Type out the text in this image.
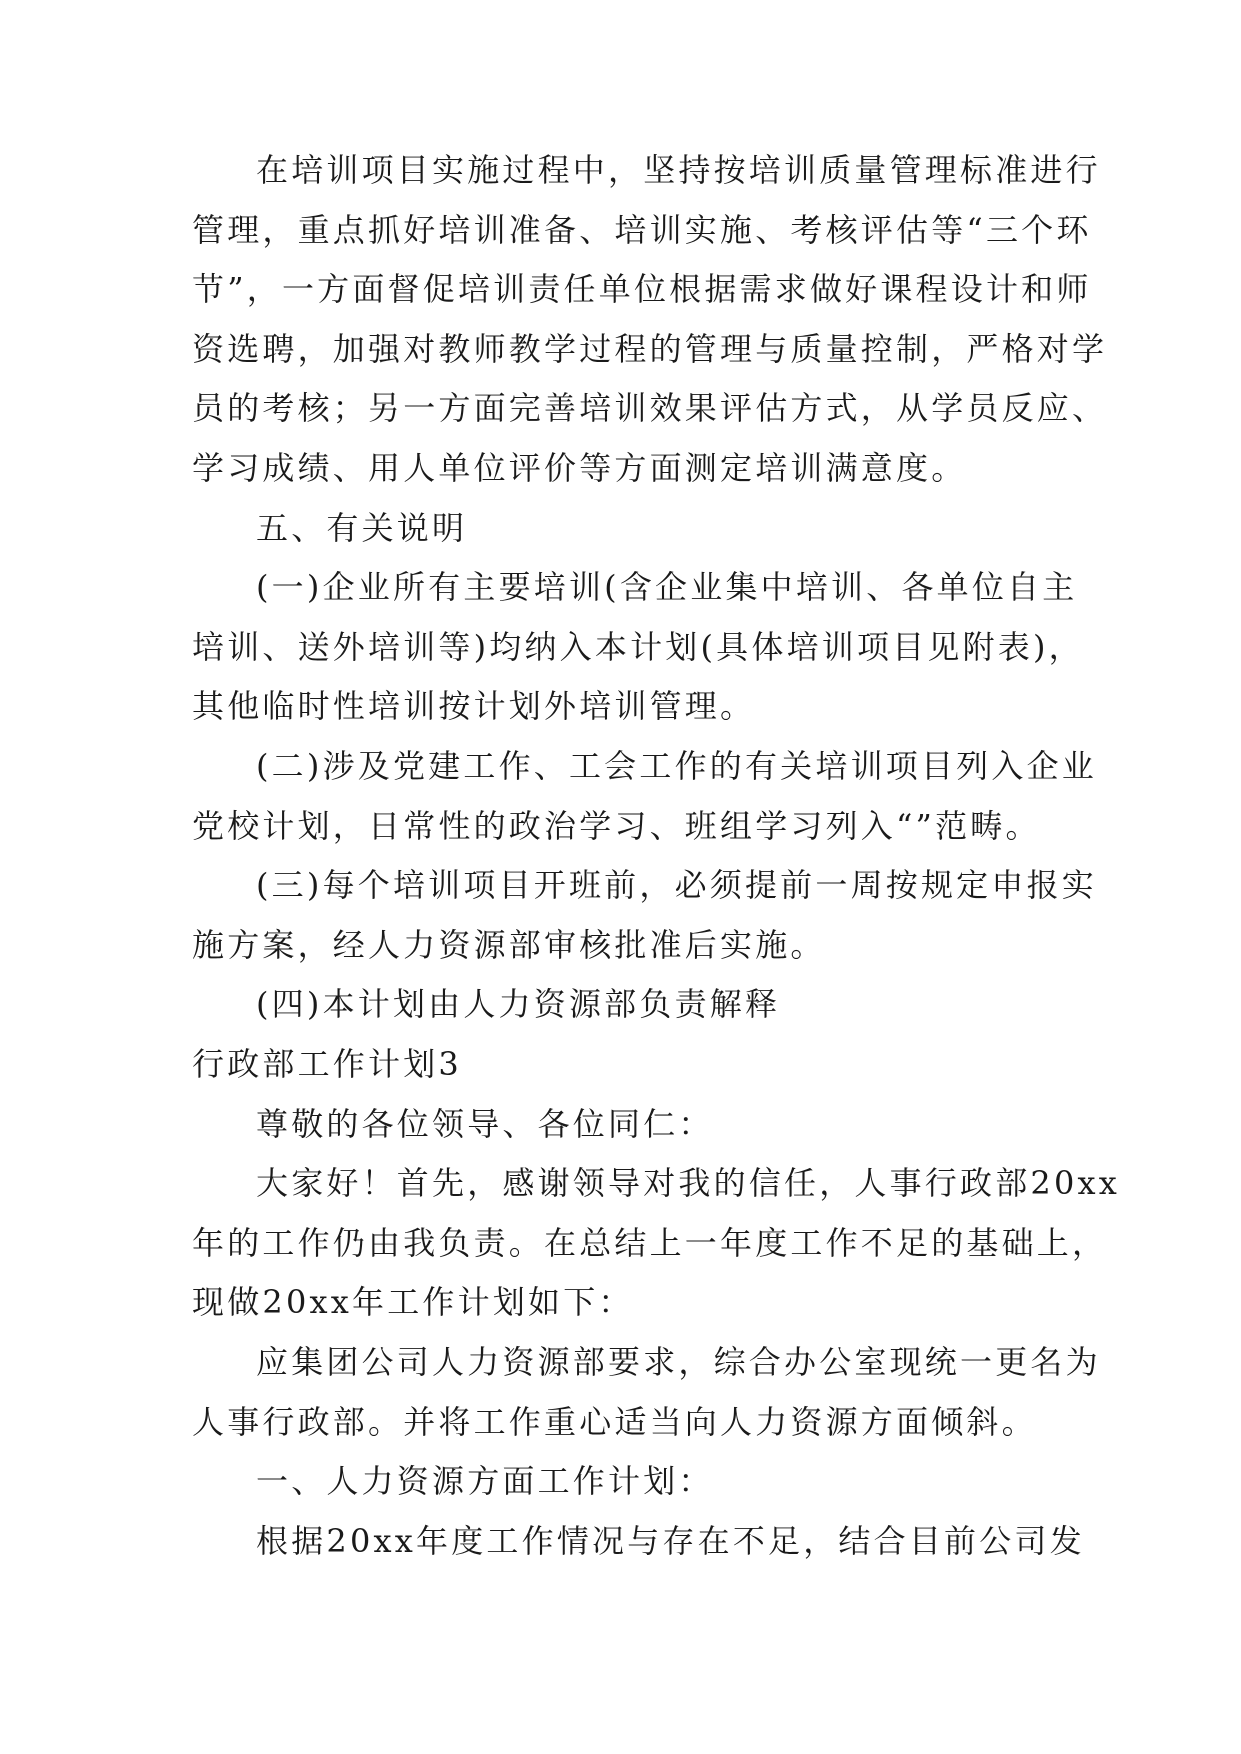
在培训项目实施过程中，坚持按培训质量管理标准进行
管理，重点抓好培训准备、培训实施、考核评估等“三个环
节”，一方面督促培训责任单位根据需求做好课程设计和师
资选聘，加强对教师教学过程的管理与质量控制，严格对学
员的考核；另一方面完善培训效果评估方式，从学员反应、
学习成绩、用人单位评价等方面测定培训满意度。
五、有关说明
(一)企业所有主要培训(含企业集中培训、各单位自主
培训、送外培训等)均纳入本计划(具体培训项目见附表)，
其他临时性培训按计划外培训管理。
(二)涉及党建工作、工会工作的有关培训项目列入企业
党校计划，日常性的政治学习、班组学习列入“”范畴。
(三)每个培训项目开班前，必须提前一周按规定申报实
施方案，经人力资源部审核批准后实施。
(四)本计划由人力资源部负责解释
行政部工作计划3
尊敬的各位领导、各位同仁：
大家好！首先，感谢领导对我的信任，人事行政部20xx
年的工作仍由我负责。在总结上一年度工作不足的基础上，
现做20xx年工作计划如下：
应集团公司人力资源部要求，综合办公室现统一更名为
人事行政部。并将工作重心适当向人力资源方面倾斜。
一、人力资源方面工作计划：
根据20xx年度工作情况与存在不足，结合目前公司发
